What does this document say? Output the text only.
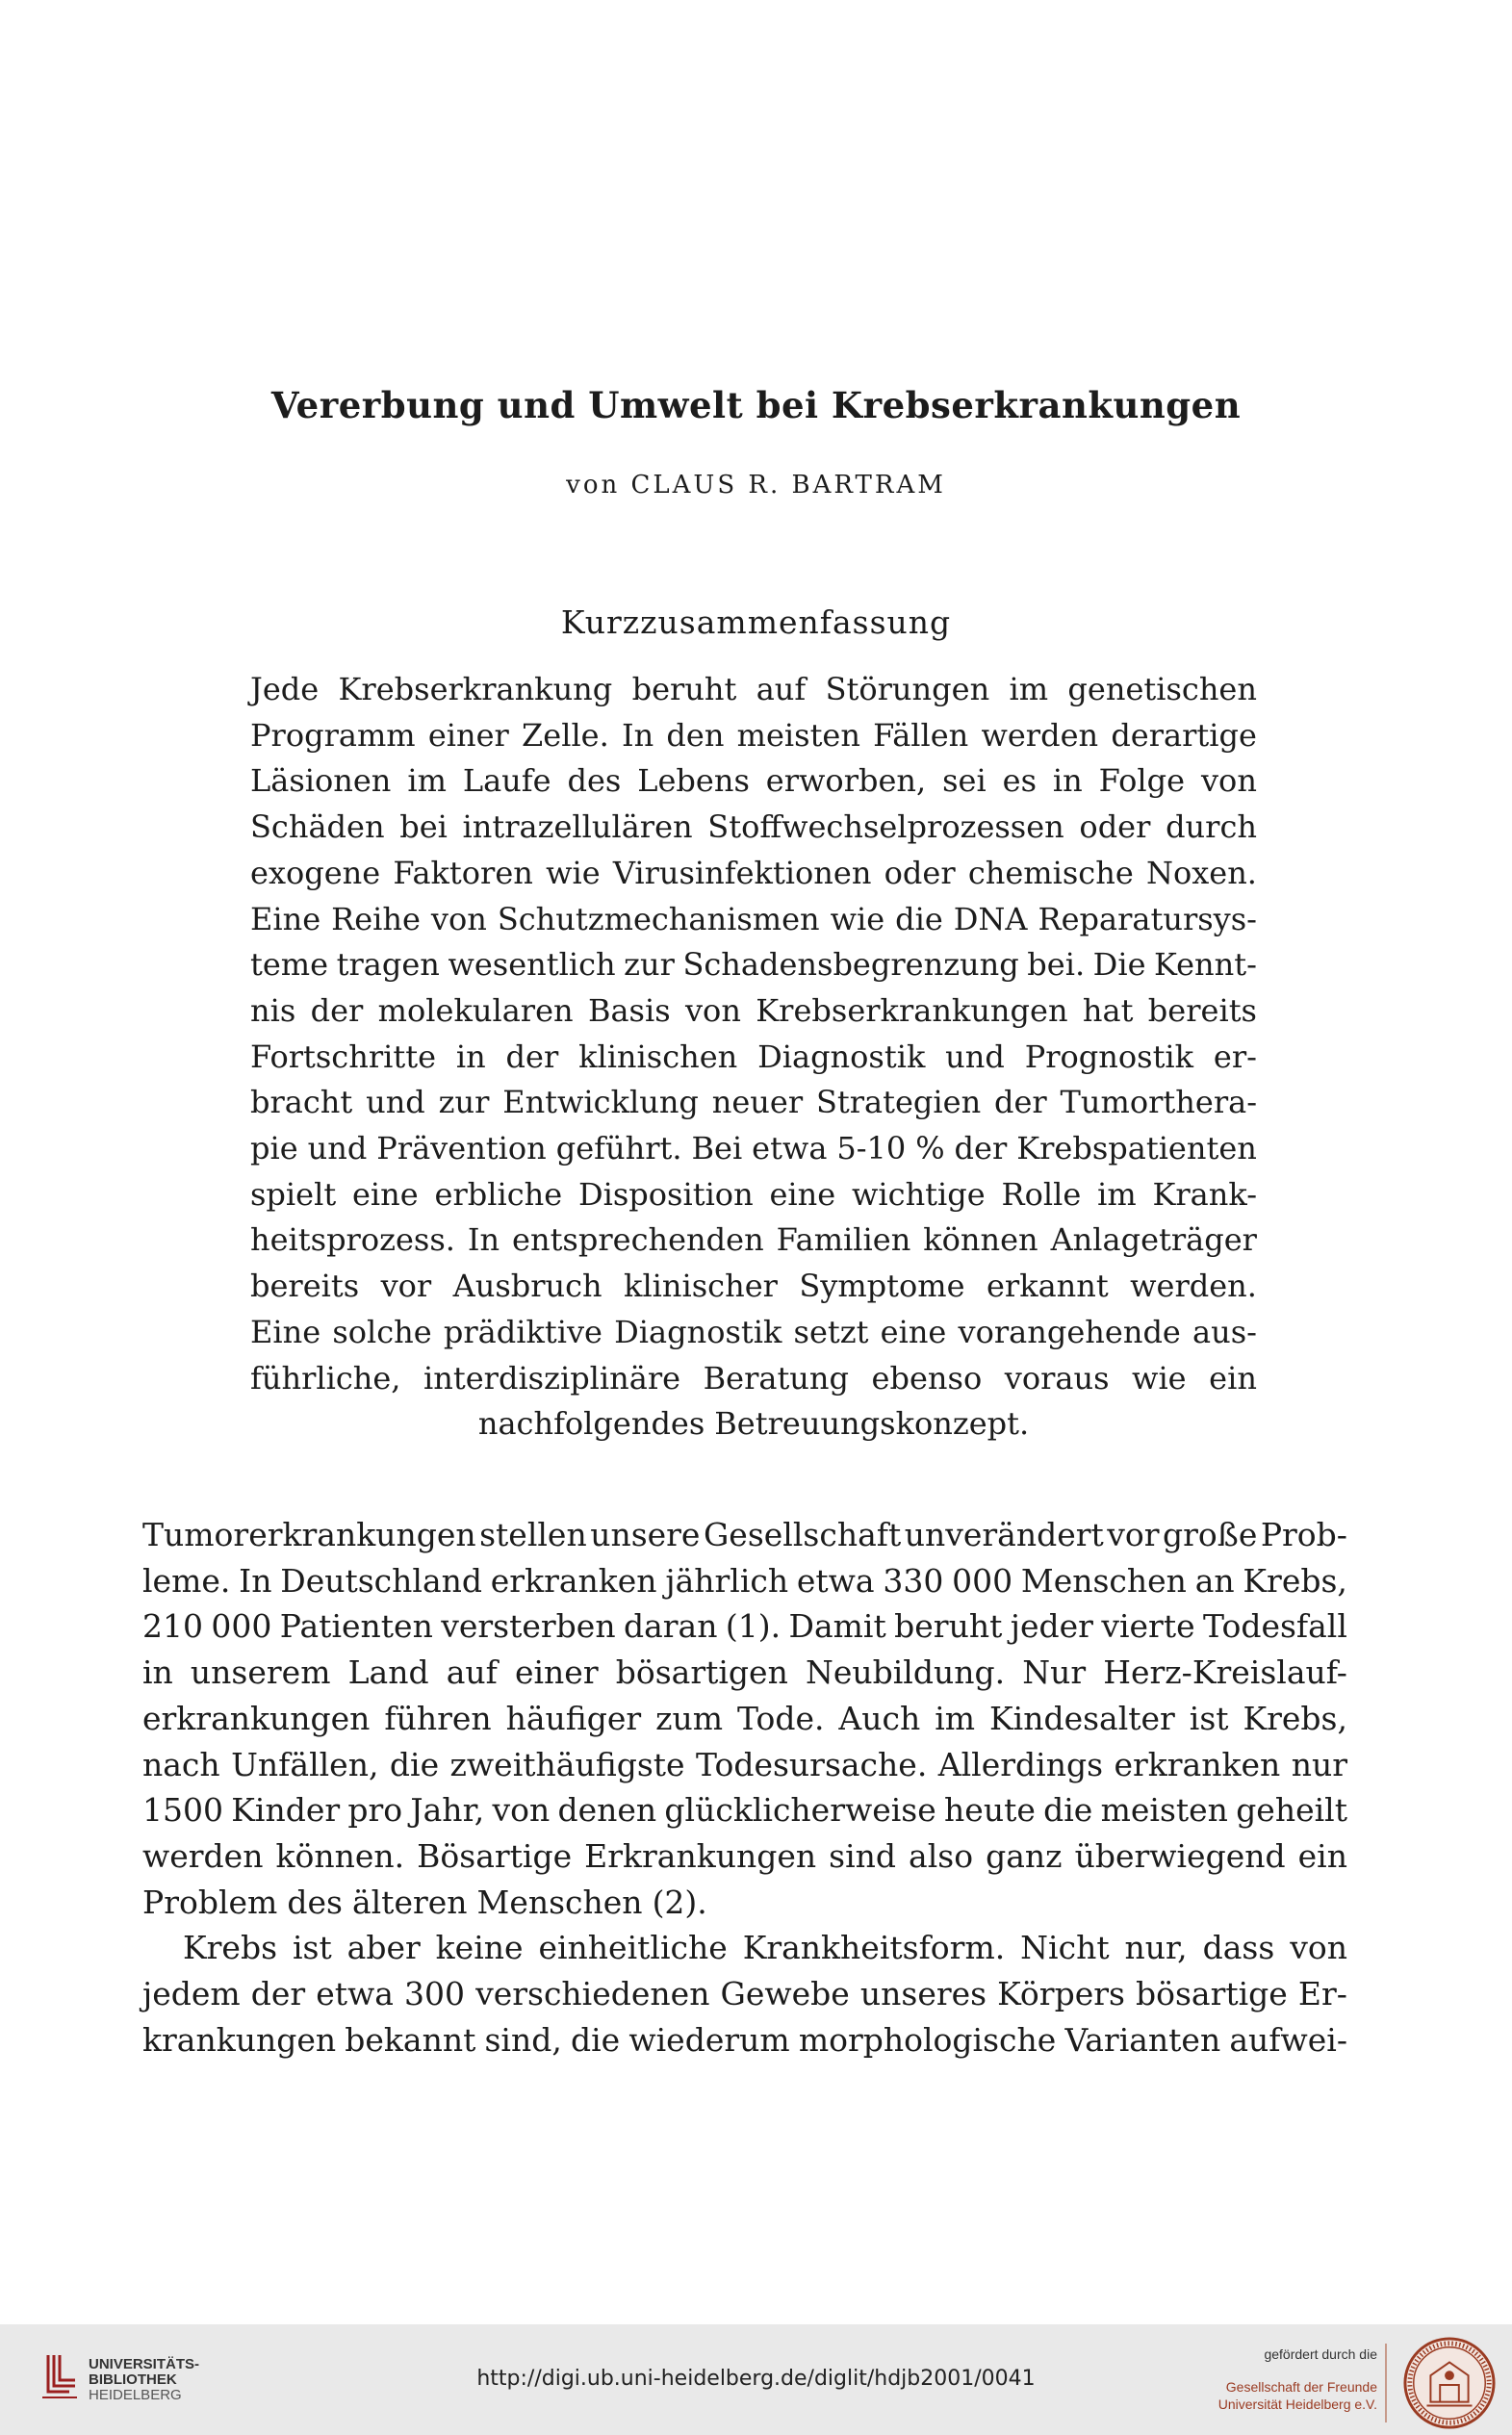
Vererbung und Umwelt bei Krebserkrankungen
von CLAUS R. BARTRAM
Kurzzusammenfassung
Jede Krebserkrankung beruht auf Störungen im genetischen
Programm einer Zelle. In den meisten Fällen werden derartige
Läsionen im Laufe des Lebens erworben, sei es in Folge von
Schäden bei intrazellulären Stoffwechselprozessen oder durch
exogene Faktoren wie Virusinfektionen oder chemische Noxen.
Eine Reihe von Schutzmechanismen wie die DNA Reparatursys-
teme tragen wesentlich zur Schadensbegrenzung bei. Die Kennt-
nis der molekularen Basis von Krebserkrankungen hat bereits
Fortschritte in der klinischen Diagnostik und Prognostik er-
bracht und zur Entwicklung neuer Strategien der Tumorthera-
pie und Prävention geführt. Bei etwa 5-10 % der Krebspatienten
spielt eine erbliche Disposition eine wichtige Rolle im Krank-
heitsprozess. In entsprechenden Familien können Anlageträger
bereits vor Ausbruch klinischer Symptome erkannt werden.
Eine solche prädiktive Diagnostik setzt eine vorangehende aus-
führliche, interdisziplinäre Beratung ebenso voraus wie ein
nachfolgendes Betreuungskonzept.
Tumorerkrankungen stellen unsere Gesellschaft unverändert vor große Prob-
leme. In Deutschland erkranken jährlich etwa 330 000 Menschen an Krebs,
210 000 Patienten versterben daran (1). Damit beruht jeder vierte Todesfall
in unserem Land auf einer bösartigen Neubildung. Nur Herz-Kreislauf-
erkrankungen führen häufiger zum Tode. Auch im Kindesalter ist Krebs,
nach Unfällen, die zweithäufigste Todesursache. Allerdings erkranken nur
1500 Kinder pro Jahr, von denen glücklicherweise heute die meisten geheilt
werden können. Bösartige Erkrankungen sind also ganz überwiegend ein
Problem des älteren Menschen (2).
Krebs ist aber keine einheitliche Krankheitsform. Nicht nur, dass von
jedem der etwa 300 verschiedenen Gewebe unseres Körpers bösartige Er-
krankungen bekannt sind, die wiederum morphologische Varianten aufwei-
UNIVERSITÄTS-
BIBLIOTHEK
HEIDELBERG
http://digi.ub.uni-heidelberg.de/diglit/hdjb2001/0041
gefördert durch die
Gesellschaft der Freunde
Universität Heidelberg e.V.
